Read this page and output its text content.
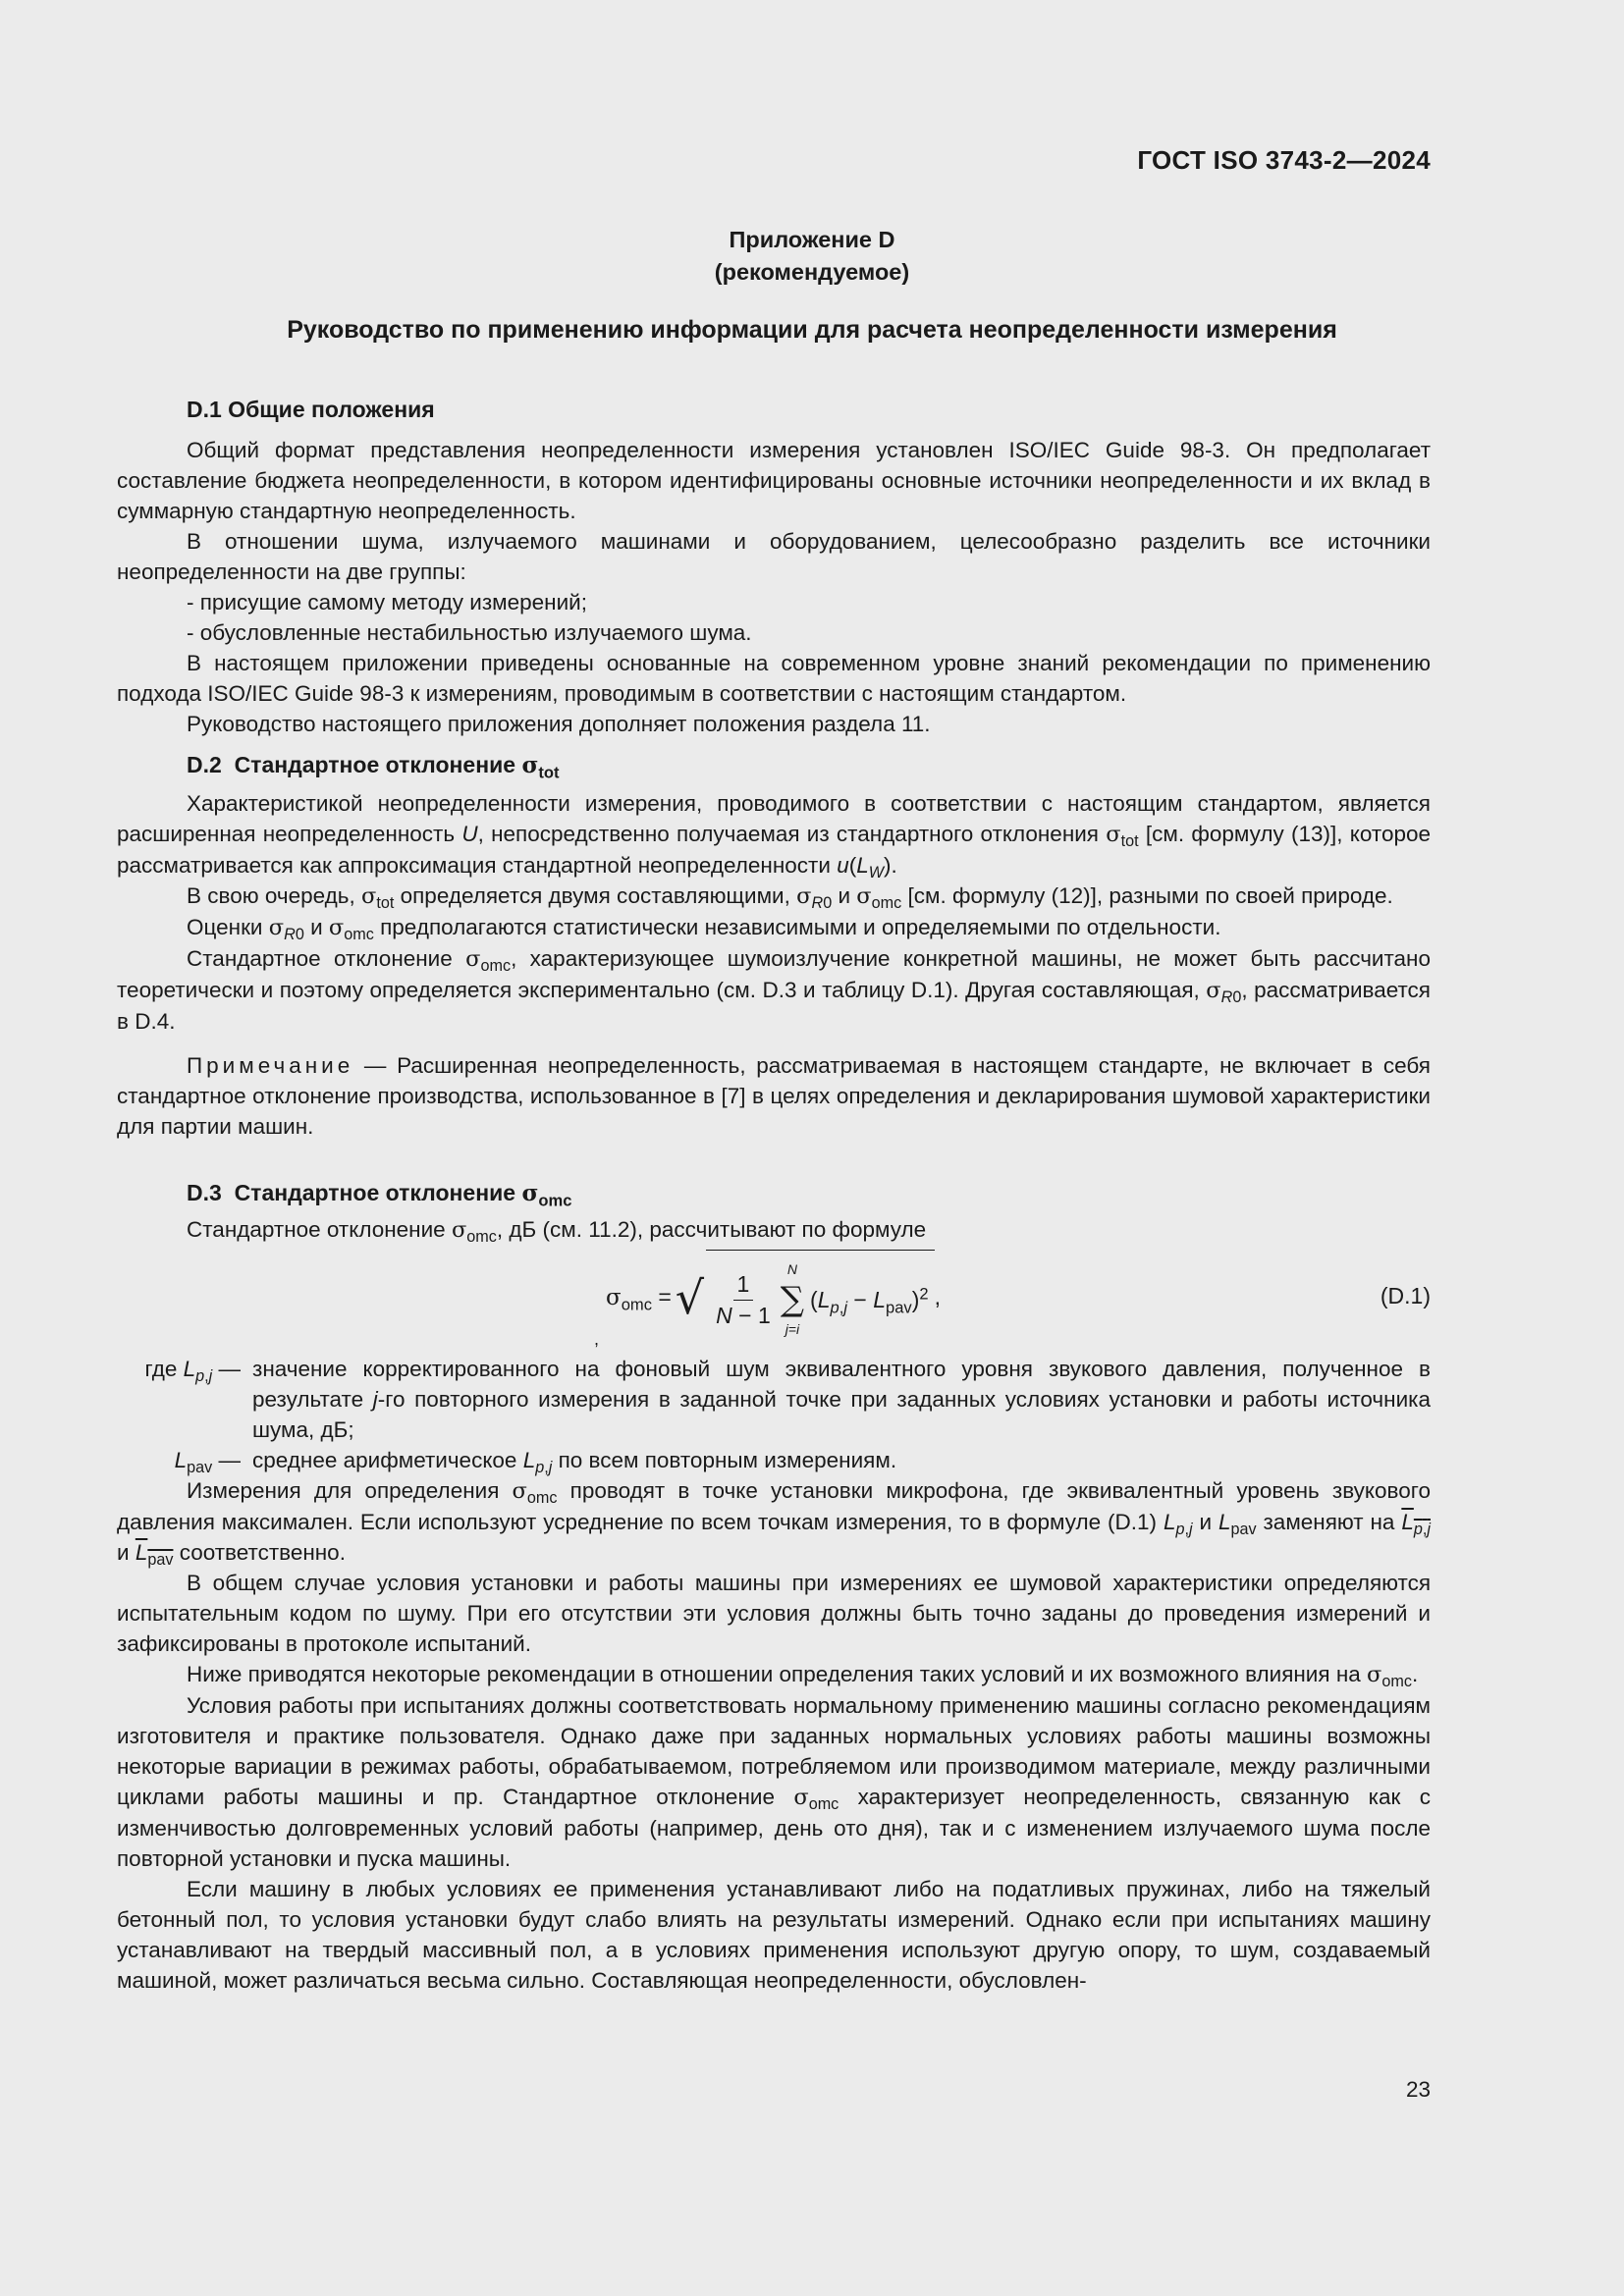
ГОСТ ISO 3743-2—2024
Приложение D
(рекомендуемое)
Руководство по применению информации для расчета неопределенности измерения

D.1 Общие положения

Общий формат представления неопределенности измерения установлен ISO/IEC Guide 98-3. Он предполагает составление бюджета неопределенности, в котором идентифицированы основные источники неопределенности и их вклад в суммарную стандартную неопределенность.

В отношении шума, излучаемого машинами и оборудованием, целесообразно разделить все источники неопределенности на две группы:

- присущие самому методу измерений;

- обусловленные нестабильностью излучаемого шума.

В настоящем приложении приведены основанные на современном уровне знаний рекомендации по применению подхода ISO/IEC Guide 98-3 к измерениям, проводимым в соответствии с настоящим стандартом.

Руководство настоящего приложения дополняет положения раздела 11.

D.2  Стандартное отклонение $\sigma_{tot}$

Характеристикой неопределенности измерения, проводимого в соответствии с настоящим стандартом, является расширенная неопределенность U, непосредственно получаемая из стандартного отклонения $\sigma_{tot}$ [см. формулу (13)], которое рассматривается как аппроксимация стандартной неопределенности $u(L_W)$.

В свою очередь, $\sigma_{tot}$ определяется двумя составляющими, $\sigma_{R0}$ и $\sigma_{omc}$ [см. формулу (12)], разными по своей природе.

Оценки $\sigma_{R0}$ и $\sigma_{omc}$ предполагаются статистически независимыми и определяемыми по отдельности.

Стандартное отклонение $\sigma_{omc}$, характеризующее шумоизлучение конкретной машины, не может быть рассчитано теоретически и поэтому определяется экспериментально (см. D.3 и таблицу D.1). Другая составляющая, $\sigma_{R0}$, рассматривается в D.4.

Примечание — Расширенная неопределенность, рассматриваемая в настоящем стандарте, не включает в себя стандартное отклонение производства, использованное в [7] в целях определения и декларирования шумовой характеристики для партии машин.

D.3  Стандартное отклонение $\sigma_{omc}$

Стандартное отклонение $\sigma_{omc}$, дБ (см. 11.2), рассчитывают по формуле

$\sigma_{omc}$ = √ $\frac{1}{N - 1}$ N
∑
j=i
$(L_{p,j} - L_{pav})^2$ ,
,
(D.1)
где $L_{p,j}$ — значение корректированного на фоновый шум эквивалентного уровня звукового давления, полученное в результате j-го повторного измерения в заданной точке при заданных условиях установки и работы источника шума, дБ;

$L_{pav}$ — среднее арифметическое $L_{p,j}$ по всем повторным измерениям.

Измерения для определения $\sigma_{omc}$ проводят в точке установки микрофона, где эквивалентный уровень звукового давления максимален. Если используют усреднение по всем точкам измерения, то в формуле (D.1) $L_{p,j}$ и $L_{pav}$ заменяют на $L_{p,j}$ и $L_{pav}$ соответственно.

В общем случае условия установки и работы машины при измерениях ее шумовой характеристики определяются испытательным кодом по шуму. При его отсутствии эти условия должны быть точно заданы до проведения измерений и зафиксированы в протоколе испытаний.

Ниже приводятся некоторые рекомендации в отношении определения таких условий и их возможного влияния на $\sigma_{omc}$.

Условия работы при испытаниях должны соответствовать нормальному применению машины согласно рекомендациям изготовителя и практике пользователя. Однако даже при заданных нормальных условиях работы машины возможны некоторые вариации в режимах работы, обрабатываемом, потребляемом или производимом материале, между различными циклами работы машины и пр. Стандартное отклонение $\sigma_{omc}$ характеризует неопределенность, связанную как с изменчивостью долговременных условий работы (например, день ото дня), так и с изменением излучаемого шума после повторной установки и пуска машины.

Если машину в любых условиях ее применения устанавливают либо на податливых пружинах, либо на тяжелый бетонный пол, то условия установки будут слабо влиять на результаты измерений. Однако если при испытаниях машину устанавливают на твердый массивный пол, а в условиях применения используют другую опору, то шум, создаваемый машиной, может различаться весьма сильно. Составляющая неопределенности, обусловлен-

23
